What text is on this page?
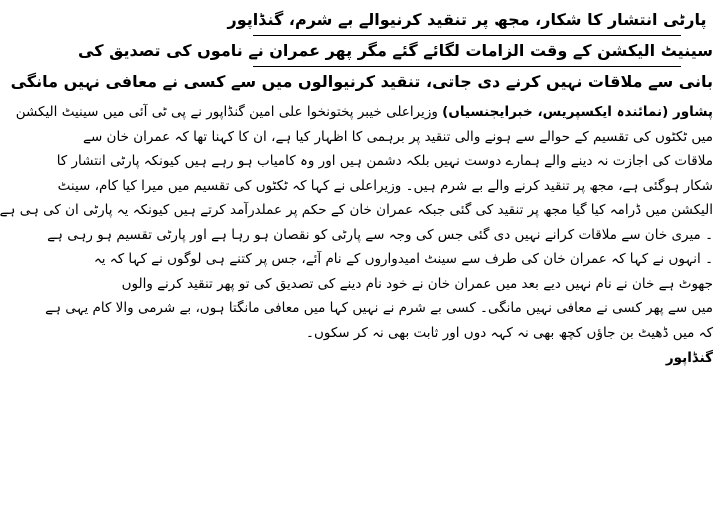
پارٹی انتشار کا شکار، مجھ پر تنقید کرنیوالے بے شرم، گنڈاپور
سینیٹ الیکشن کے وقت الزامات لگائے گئے مگر پھر عمران نے ناموں کی تصدیق کی
بانی سے ملاقات نہیں کرنے دی جاتی، تنقید کرنیوالوں میں سے کسی نے معافی نہیں مانگی
پشاور (نمائندہ ایکسپریس، خبرایجنسیاں) وزیراعلی خیبر پختونخوا علی امین گنڈاپور نے پی ٹی آئی میں سینیٹ الیکشن
میں ٹکٹوں کی تقسیم کے حوالے سے ہونے والی تنقید پر برہمی کا اظہار کیا ہے، ان کا کہنا تھا کہ عمران خان سے
ملاقات کی اجازت نہ دینے والے ہمارے دوست نہیں بلکہ دشمن ہیں اور وہ کامیاب ہو رہے ہیں کیونکہ پارٹی انتشار کا
شکار ہوگئی ہے، مجھ پر تنقید کرنے والے بے شرم ہیں۔ وزیراعلی نے کہا کہ ٹکٹوں کی تقسیم میں میرا کیا کام، سینٹ
الیکشن میں ڈرامہ کیا گیا مجھ پر تنقید کی گئی جبکہ عمران خان کے حکم پر عملدرآمد کرتے ہیں کیونکہ یہ پارٹی ان کی ہی ہے
۔ میری خان سے ملاقات کرانے نہیں دی گئی جس کی وجہ سے پارٹی کو نقصان ہو رہا ہے اور پارٹی تقسیم ہو رہی ہے
۔ انہوں نے کہا کہ عمران خان کی طرف سے سینٹ امیدواروں کے نام آئے، جس پر کتنے ہی لوگوں نے کہا کہ یہ
جھوٹ ہے خان نے نام نہیں دیے بعد میں عمران خان نے خود نام دینے کی تصدیق کی تو پھر تنقید کرنے والوں
میں سے پھر کسی نے معافی نہیں مانگی۔ کسی بے شرم نے نہیں کہا میں معافی مانگتا ہوں، بے شرمی والا کام یہی ہے
کہ میں ڈھیٹ بن جاؤں کچھ بھی نہ کہہ دوں اور ثابت بھی نہ کر سکوں۔
گنڈاپور
